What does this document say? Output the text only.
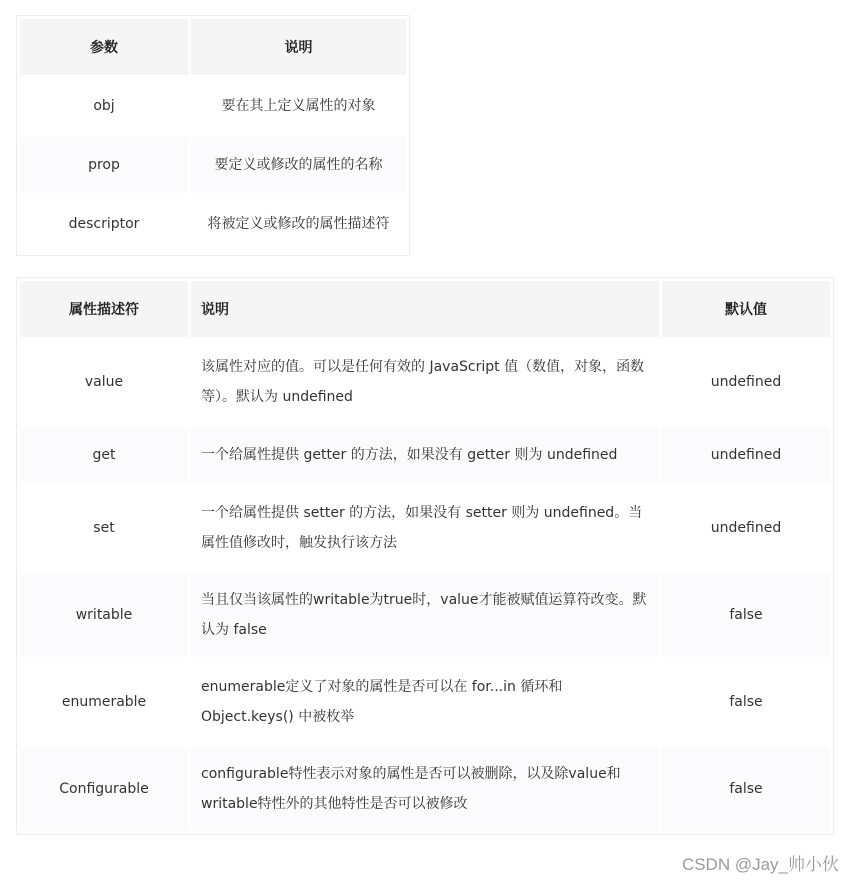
参数	说明
obj	要在其上定义属性的对象
prop	要定义或修改的属性的名称
descriptor	将被定义或修改的属性描述符
属性描述符	说明	默认值
value	该属性对应的值。可以是任何有效的 JavaScript 值（数值，对象，函数等）。默认为 undefined	undefined
get	一个给属性提供 getter 的方法，如果没有 getter 则为 undefined	undefined
set	一个给属性提供 setter 的方法，如果没有 setter 则为 undefined。当属性值修改时，触发执行该方法	undefined
writable	当且仅当该属性的writable为true时，value才能被赋值运算符改变。默认为 false	false
enumerable	enumerable定义了对象的属性是否可以在 for...in 循环和 Object.keys() 中被枚举	false
Configurable	configurable特性表示对象的属性是否可以被删除，以及除value和writable特性外的其他特性是否可以被修改	false
CSDN @Jay_帅小伙
